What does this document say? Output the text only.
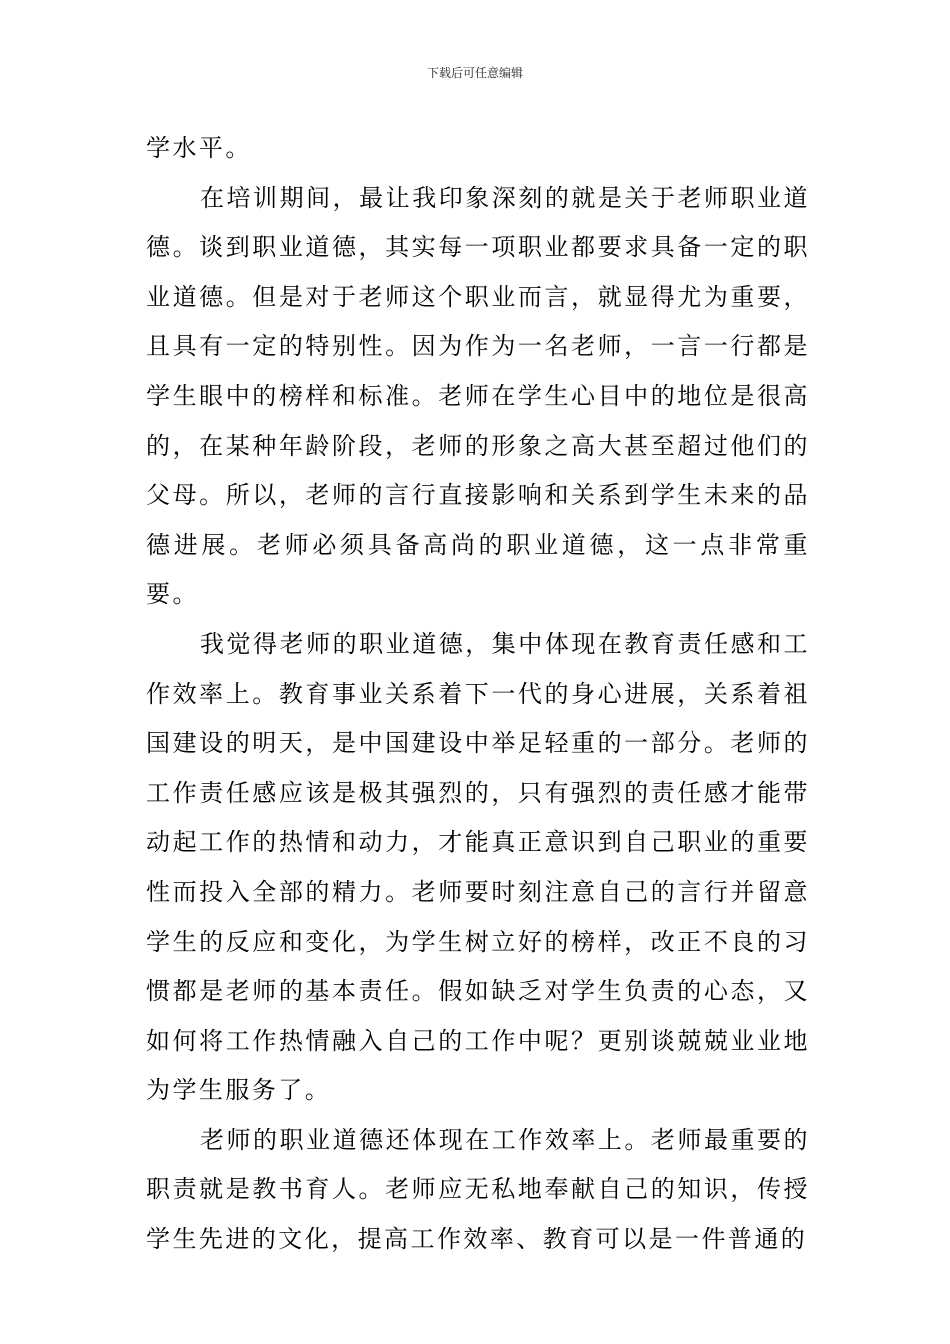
下载后可任意编辑

学水平。

在培训期间，最让我印象深刻的就是关于老师职业道德。谈到职业道德，其实每一项职业都要求具备一定的职业道德。但是对于老师这个职业而言，就显得尤为重要，且具有一定的特别性。因为作为一名老师，一言一行都是学生眼中的榜样和标准。老师在学生心目中的地位是很高的，在某种年龄阶段，老师的形象之高大甚至超过他们的父母。所以，老师的言行直接影响和关系到学生未来的品德进展。老师必须具备高尚的职业道德，这一点非常重要。

我觉得老师的职业道德，集中体现在教育责任感和工作效率上。教育事业关系着下一代的身心进展，关系着祖国建设的明天，是中国建设中举足轻重的一部分。老师的工作责任感应该是极其强烈的，只有强烈的责任感才能带动起工作的热情和动力，才能真正意识到自己职业的重要性而投入全部的精力。老师要时刻注意自己的言行并留意学生的反应和变化，为学生树立好的榜样，改正不良的习惯都是老师的基本责任。假如缺乏对学生负责的心态，又如何将工作热情融入自己的工作中呢？更别谈兢兢业业地为学生服务了。

老师的职业道德还体现在工作效率上。老师最重要的职责就是教书育人。老师应无私地奉献自己的知识，传授学生先进的文化，提高工作效率、教育可以是一件普通的
